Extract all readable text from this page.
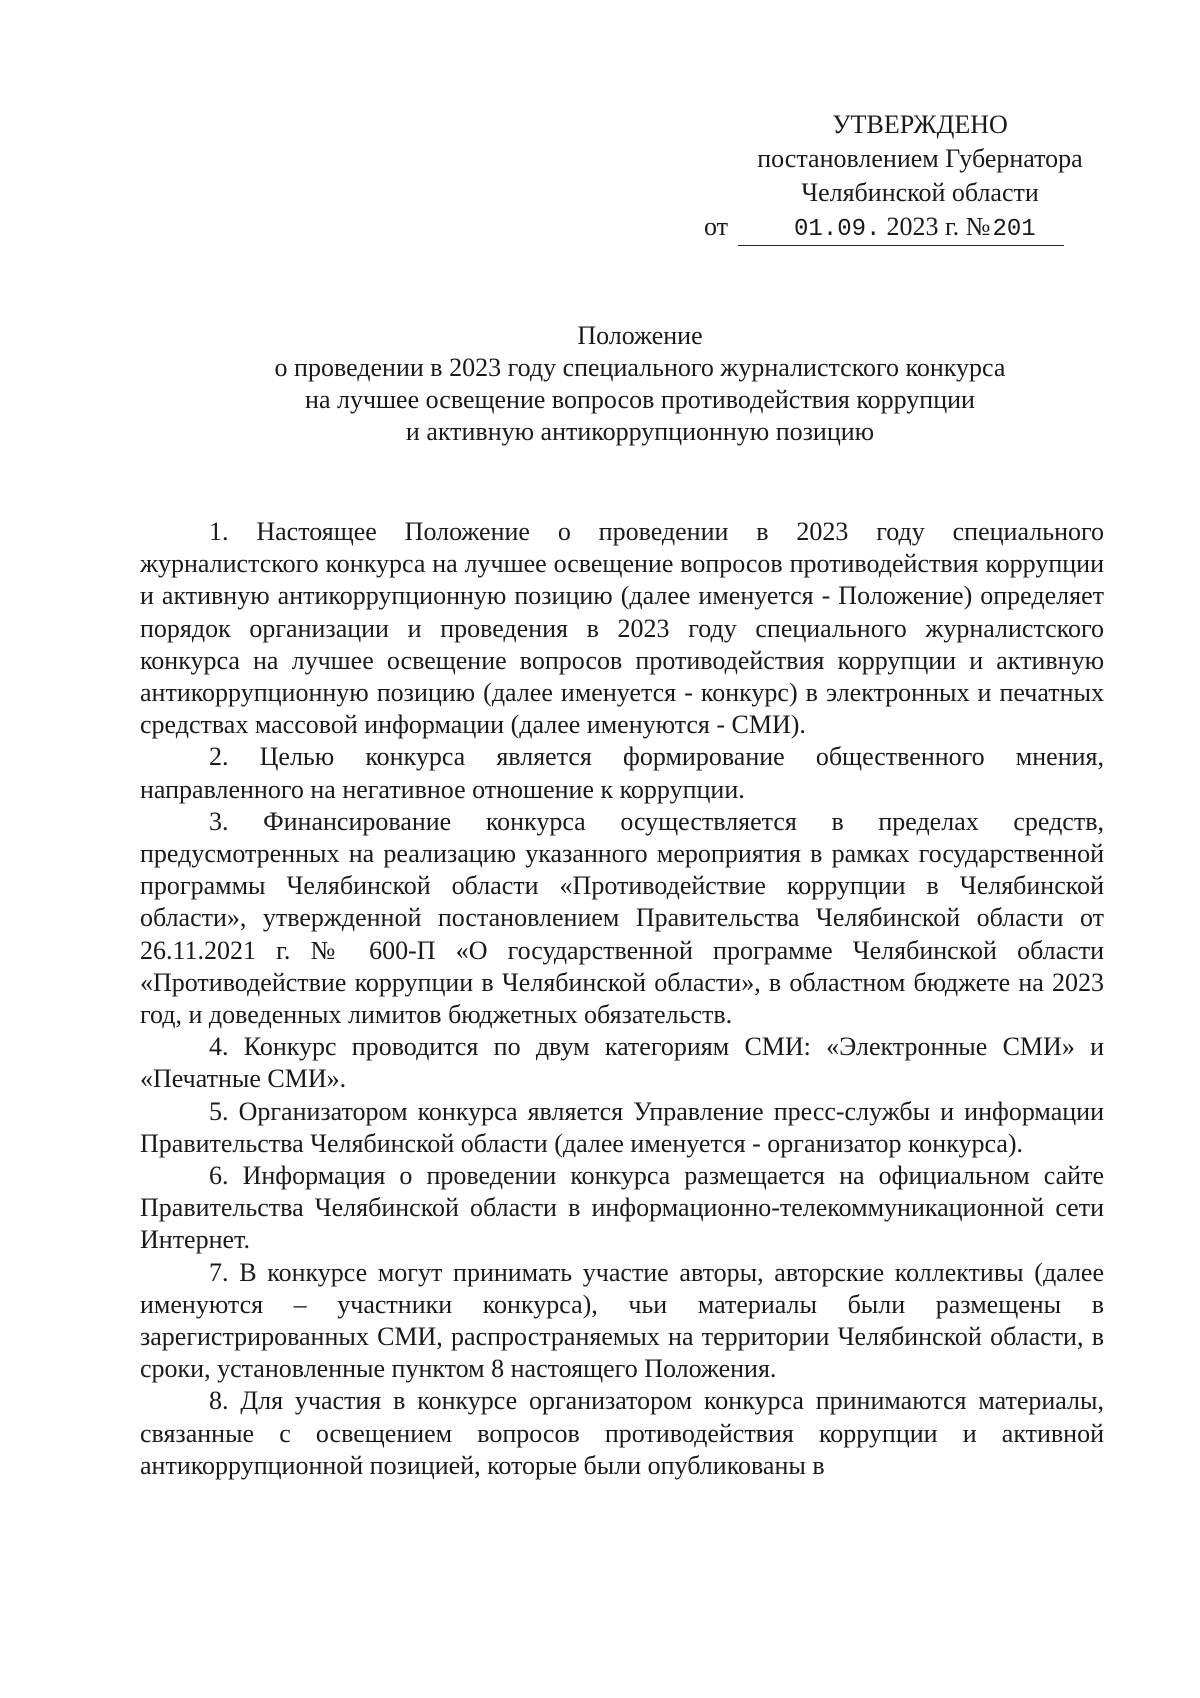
УТВЕРЖДЕНО
постановлением Губернатора
Челябинской области
от	01.09. 2023 г. №201
Положение
о проведении в 2023 году специального журналистского конкурса
на лучшее освещение вопросов противодействия коррупции
и активную антикоррупционную позицию

1. Настоящее Положение о проведении в 2023 году специального журналистского конкурса на лучшее освещение вопросов противодействия коррупции и активную антикоррупционную позицию (далее именуется - Положение) определяет порядок организации и проведения в 2023 году специального журналистского конкурса на лучшее освещение вопросов противодействия коррупции и активную антикоррупционную позицию (далее именуется - конкурс) в электронных и печатных средствах массовой информации (далее именуются - СМИ).

2. Целью конкурса является формирование общественного мнения, направленного на негативное отношение к коррупции.

3. Финансирование конкурса осуществляется в пределах средств, предусмотренных на реализацию указанного мероприятия в рамках государственной программы Челябинской области «Противодействие коррупции в Челябинской области», утвержденной постановлением Правительства Челябинской области от 26.11.2021 г. № 600-П «О государственной программе Челябинской области «Противодействие коррупции в Челябинской области», в областном бюджете на 2023 год, и доведенных лимитов бюджетных обязательств.

4. Конкурс проводится по двум категориям СМИ: «Электронные СМИ» и «Печатные СМИ».

5. Организатором конкурса является Управление пресс-службы и информации Правительства Челябинской области (далее именуется - организатор конкурса).

6. Информация о проведении конкурса размещается на официальном сайте Правительства Челябинской области в информационно-телекоммуникационной сети Интернет.

7. В конкурсе могут принимать участие авторы, авторские коллективы (далее именуются – участники конкурса), чьи материалы были размещены в зарегистрированных СМИ, распространяемых на территории Челябинской области, в сроки, установленные пунктом 8 настоящего Положения.

8. Для участия в конкурсе организатором конкурса принимаются материалы, связанные с освещением вопросов противодействия коррупции и активной антикоррупционной позицией, которые были опубликованы в
